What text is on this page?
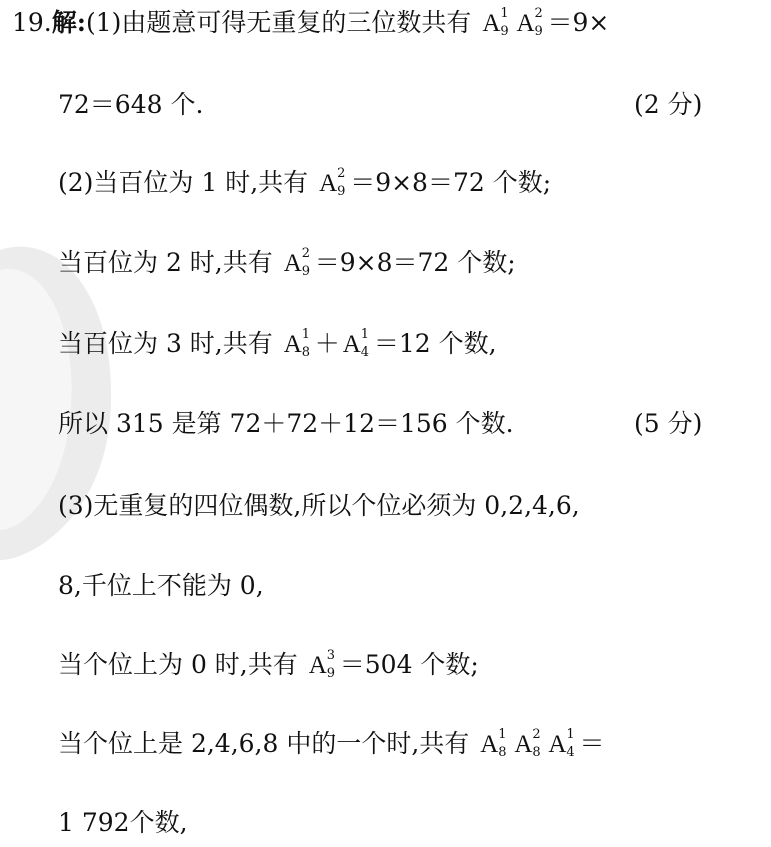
19.解:(1)由题意可得无重复的三位数共有 A 1
9 A 2
9 ＝9×
72＝648 个.	(2 分)
(2)当百位为 1 时,共有 A 2
9 ＝9×8＝72 个数;
当百位为 2 时,共有 A 2
9 ＝9×8＝72 个数;
当百位为 3 时,共有 A 1
8 ＋ A 1
4 ＝12 个数,
所以 315 是第 72＋72＋12＝156 个数.	(5 分)
(3)无重复的四位偶数,所以个位必须为 0,2,4,6,
8,千位上不能为 0,
当个位上为 0 时,共有 A 3
9 ＝504 个数;
当个位上是 2,4,6,8 中的一个时,共有 A 1
8 A 2
8 A 1
4 ＝
1 792个数,
